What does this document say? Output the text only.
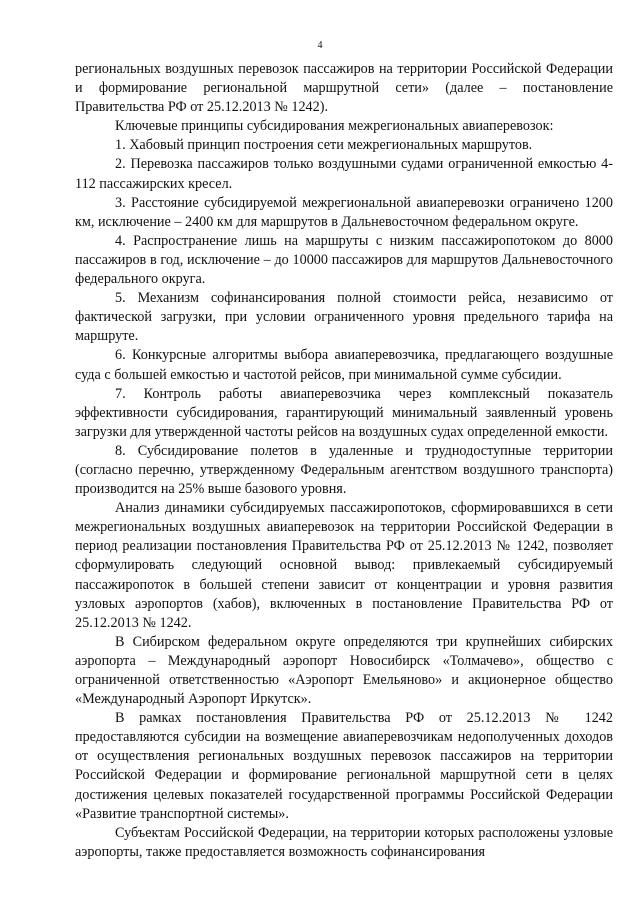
4

региональных воздушных перевозок пассажиров на территории Российской Федерации и формирование региональной маршрутной сети» (далее – постановление Правительства РФ от 25.12.2013 № 1242).

Ключевые принципы субсидирования межрегиональных авиаперевозок:

1. Хабовый принцип построения сети межрегиональных маршрутов.

2. Перевозка пассажиров только воздушными судами ограниченной емкостью 4-112 пассажирских кресел.

3. Расстояние субсидируемой межрегиональной авиаперевозки ограничено 1200 км, исключение – 2400 км для маршрутов в Дальневосточном федеральном округе.

4. Распространение лишь на маршруты с низким пассажиропотоком до 8000 пассажиров в год, исключение – до 10000 пассажиров для маршрутов Дальневосточного федерального округа.

5. Механизм софинансирования полной стоимости рейса, независимо от фактической загрузки, при условии ограниченного уровня предельного тарифа на маршруте.

6. Конкурсные алгоритмы выбора авиаперевозчика, предлагающего воздушные суда с большей емкостью и частотой рейсов, при минимальной сумме субсидии.

7. Контроль работы авиаперевозчика через комплексный показатель эффективности субсидирования, гарантирующий минимальный заявленный уровень загрузки для утвержденной частоты рейсов на воздушных судах определенной емкости.

8. Субсидирование полетов в удаленные и труднодоступные территории (согласно перечню, утвержденному Федеральным агентством воздушного транспорта) производится на 25% выше базового уровня.

Анализ динамики субсидируемых пассажиропотоков, сформировавшихся в сети межрегиональных воздушных авиаперевозок на территории Российской Федерации в период реализации постановления Правительства РФ от 25.12.2013 № 1242, позволяет сформулировать следующий основной вывод: привлекаемый субсидируемый пассажиропоток в большей степени зависит от концентрации и уровня развития узловых аэропортов (хабов), включенных в постановление Правительства РФ от 25.12.2013 № 1242.

В Сибирском федеральном округе определяются три крупнейших сибирских аэропорта – Международный аэропорт Новосибирск «Толмачево», общество с ограниченной ответственностью «Аэропорт Емельяново» и акционерное общество «Международный Аэропорт Иркутск».

В рамках постановления Правительства РФ от 25.12.2013 № 1242 предоставляются субсидии на возмещение авиаперевозчикам недополученных доходов от осуществления региональных воздушных перевозок пассажиров на территории Российской Федерации и формирование региональной маршрутной сети в целях достижения целевых показателей государственной программы Российской Федерации «Развитие транспортной системы».

Субъектам Российской Федерации, на территории которых расположены узловые аэропорты, также предоставляется возможность софинансирования
